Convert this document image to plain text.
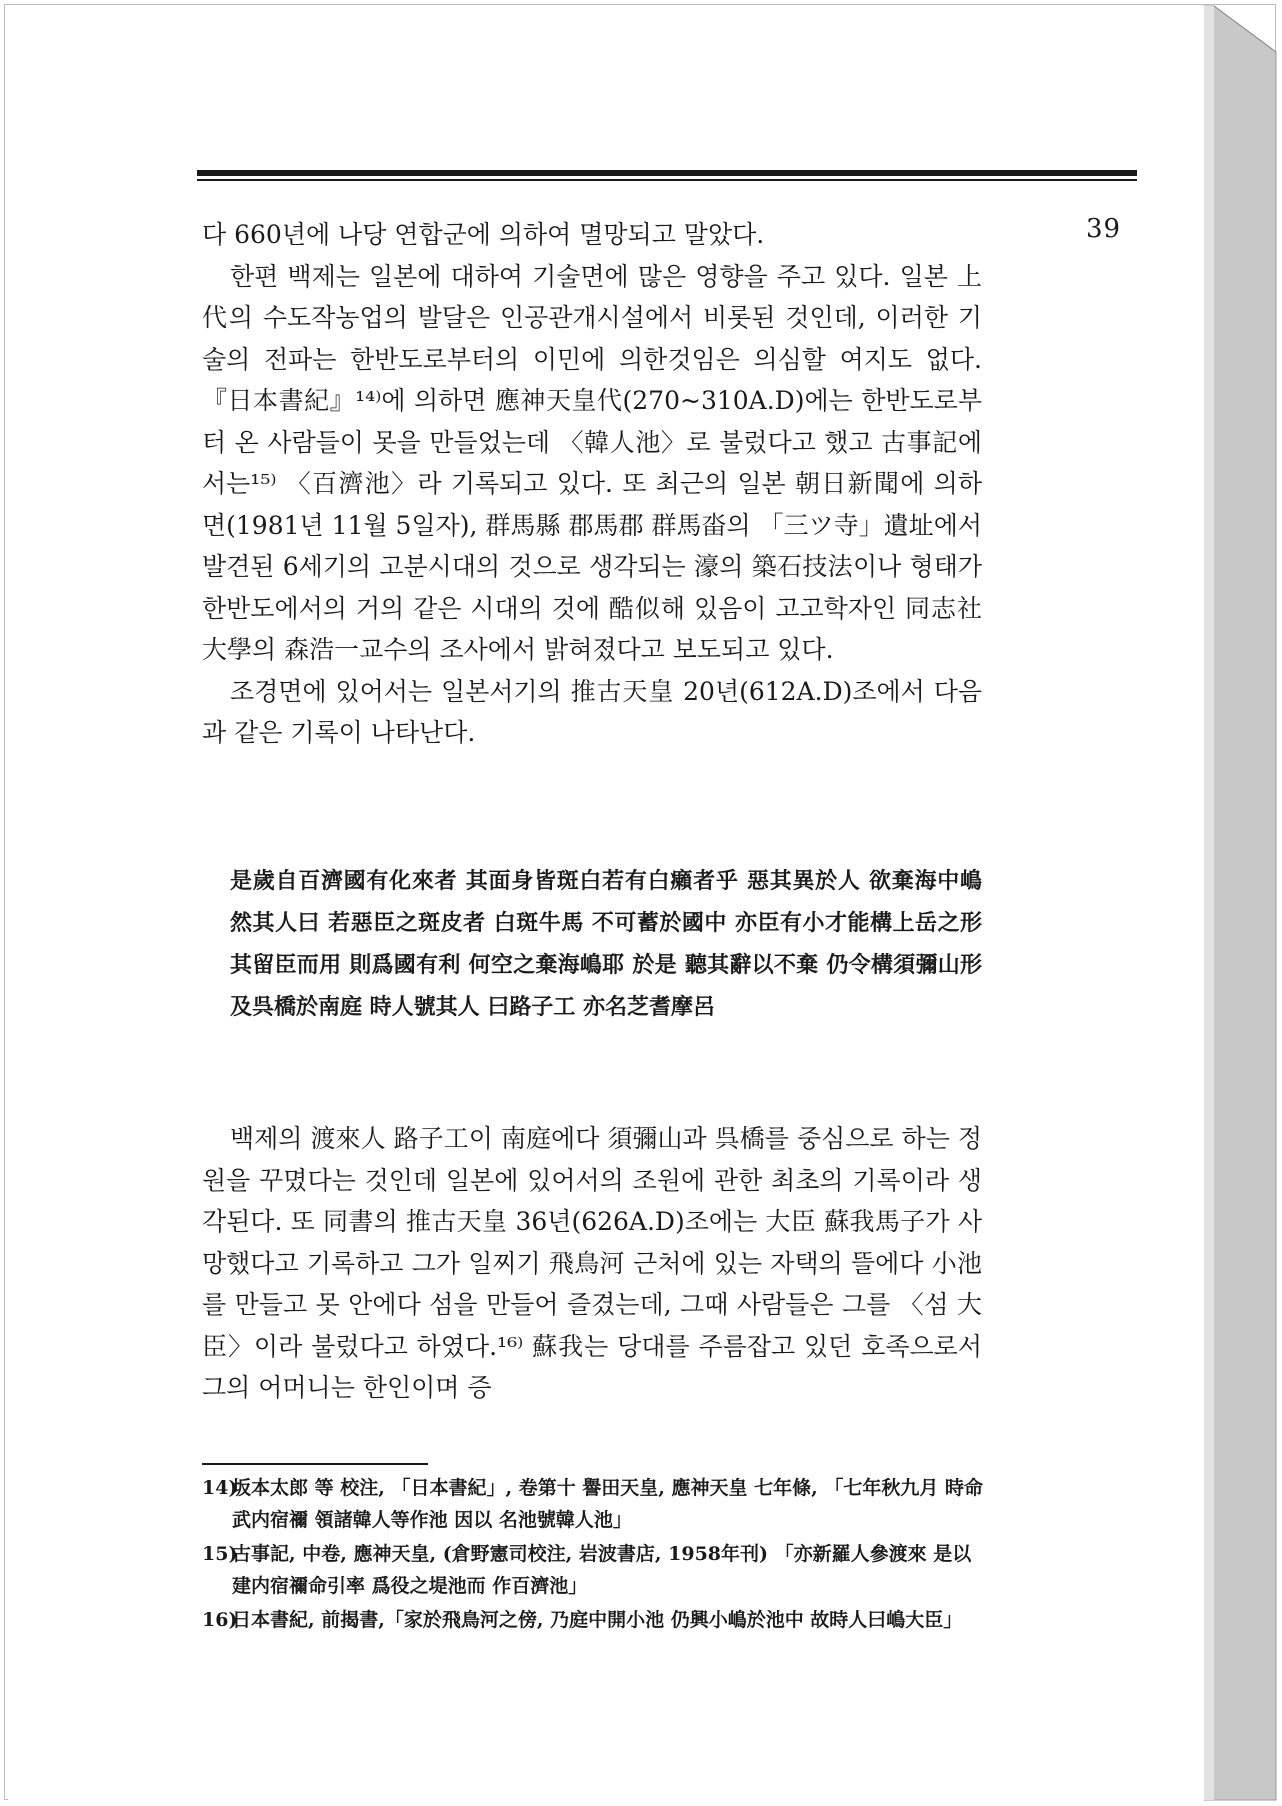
39

다 660년에 나당 연합군에 의하여 멸망되고 말았다.

한편 백제는 일본에 대하여 기술면에 많은 영향을 주고 있다. 일본 上代의 수도작농업의 발달은 인공관개시설에서 비롯된 것인데, 이러한 기술의 전파는 한반도로부터의 이민에 의한것임은 의심할 여지도 없다.『日本書紀』¹⁴⁾에 의하면 應神天皇代(270~310A.D)에는 한반도로부터 온 사람들이 못을 만들었는데 〈韓人池〉로 불렀다고 했고 古事記에서는¹⁵⁾ 〈百濟池〉라 기록되고 있다. 또 최근의 일본 朝日新聞에 의하면(1981년 11월 5일자), 群馬縣 郡馬郡 群馬畓의 「三ツ寺」遺址에서 발견된 6세기의 고분시대의 것으로 생각되는 濠의 築石技法이나 형태가 한반도에서의 거의 같은 시대의 것에 酷似해 있음이 고고학자인 同志社大學의 森浩一교수의 조사에서 밝혀졌다고 보도되고 있다.

조경면에 있어서는 일본서기의 推古天皇 20년(612A.D)조에서 다음과 같은 기록이 나타난다.

是歲自百濟國有化來者 其面身皆斑白若有白癩者乎 惡其異於人 欲棄海中嶋 然其人曰 若惡臣之斑皮者 白斑牛馬 不可蓄於國中 亦臣有小才能構上岳之形 其留臣而用 則爲國有利 何空之棄海嶋耶 於是 聽其辭以不棄 仍令構須彌山形及呉橋於南庭 時人號其人 曰路子工 亦名芝耆摩呂

백제의 渡來人 路子工이 南庭에다 須彌山과 呉橋를 중심으로 하는 정원을 꾸몄다는 것인데 일본에 있어서의 조원에 관한 최초의 기록이라 생각된다. 또 同書의 推古天皇 36년(626A.D)조에는 大臣 蘇我馬子가 사망했다고 기록하고 그가 일찌기 飛鳥河 근처에 있는 자택의 뜰에다 小池를 만들고 못 안에다 섬을 만들어 즐겼는데, 그때 사람들은 그를 〈섬 大臣〉이라 불렀다고 하였다.¹⁶⁾ 蘇我는 당대를 주름잡고 있던 호족으로서 그의 어머니는 한인이며 증

14)坂本太郎 等 校注, 「日本書紀」, 卷第十 譽田天皇, 應神天皇 七年條, 「七年秋九月 時命武内宿禰 領諸韓人等作池 因以 名池號韓人池」
15)古事記, 中卷, 應神天皇, (倉野憲司校注, 岩波書店, 1958年刊) 「亦新羅人參渡來 是以建内宿禰命引率 爲役之堤池而 作百濟池」
16)日本書紀, 前揭書,「家於飛鳥河之傍, 乃庭中開小池 仍興小嶋於池中 故時人曰嶋大臣」
